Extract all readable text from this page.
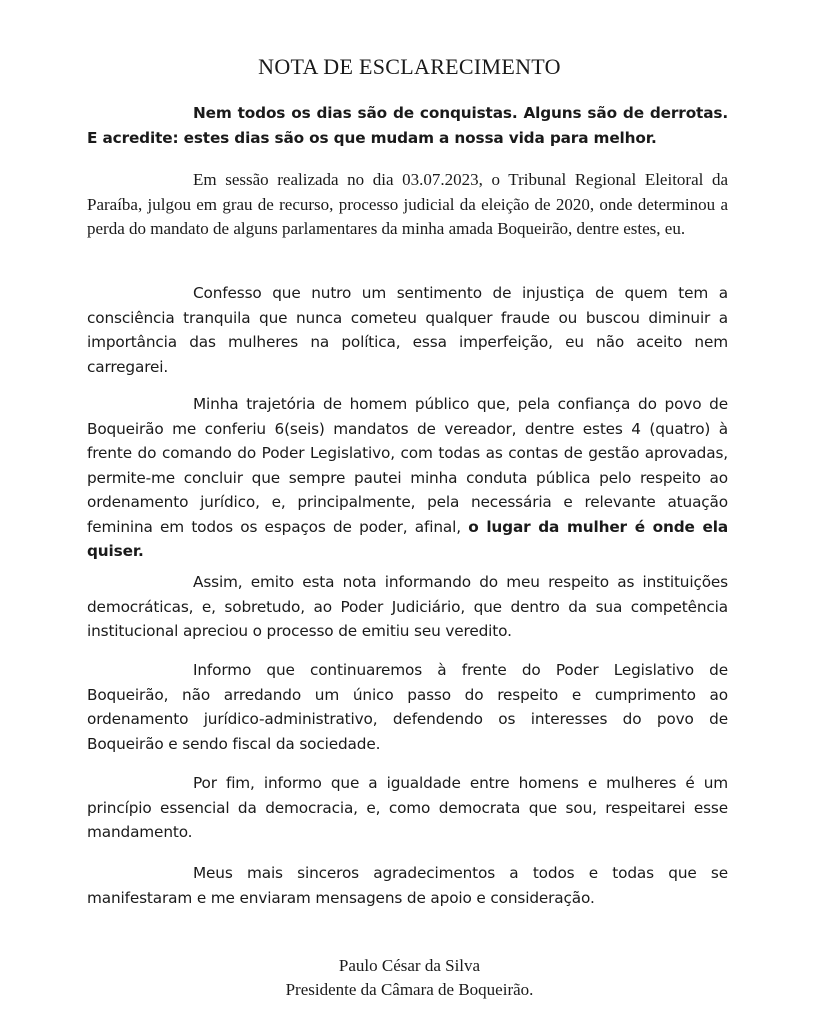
NOTA DE ESCLARECIMENTO

Nem todos os dias são de conquistas. Alguns são de derrotas. E acredite: estes dias são os que mudam a nossa vida para melhor.

Em sessão realizada no dia 03.07.2023, o Tribunal Regional Eleitoral da Paraíba, julgou em grau de recurso, processo judicial da eleição de 2020, onde determinou a perda do mandato de alguns parlamentares da minha amada Boqueirão, dentre estes, eu.

Confesso que nutro um sentimento de injustiça de quem tem a consciência tranquila que nunca cometeu qualquer fraude ou buscou diminuir a importância das mulheres na política, essa imperfeição, eu não aceito nem carregarei.

Minha trajetória de homem público que, pela confiança do povo de Boqueirão me conferiu 6(seis) mandatos de vereador, dentre estes 4 (quatro) à frente do comando do Poder Legislativo, com todas as contas de gestão aprovadas, permite-me concluir que sempre pautei minha conduta pública pelo respeito ao ordenamento jurídico, e, principalmente, pela necessária e relevante atuação feminina em todos os espaços de poder, afinal, o lugar da mulher é onde ela quiser.

Assim, emito esta nota informando do meu respeito as instituições democráticas, e, sobretudo, ao Poder Judiciário, que dentro da sua competência institucional apreciou o processo de emitiu seu veredito.

Informo que continuaremos à frente do Poder Legislativo de Boqueirão, não arredando um único passo do respeito e cumprimento ao ordenamento jurídico-administrativo, defendendo os interesses do povo de Boqueirão e sendo fiscal da sociedade.

Por fim, informo que a igualdade entre homens e mulheres é um princípio essencial da democracia, e, como democrata que sou, respeitarei esse mandamento.

Meus mais sinceros agradecimentos a todos e todas que se manifestaram e me enviaram mensagens de apoio e consideração.

Paulo César da Silva
Presidente da Câmara de Boqueirão.
